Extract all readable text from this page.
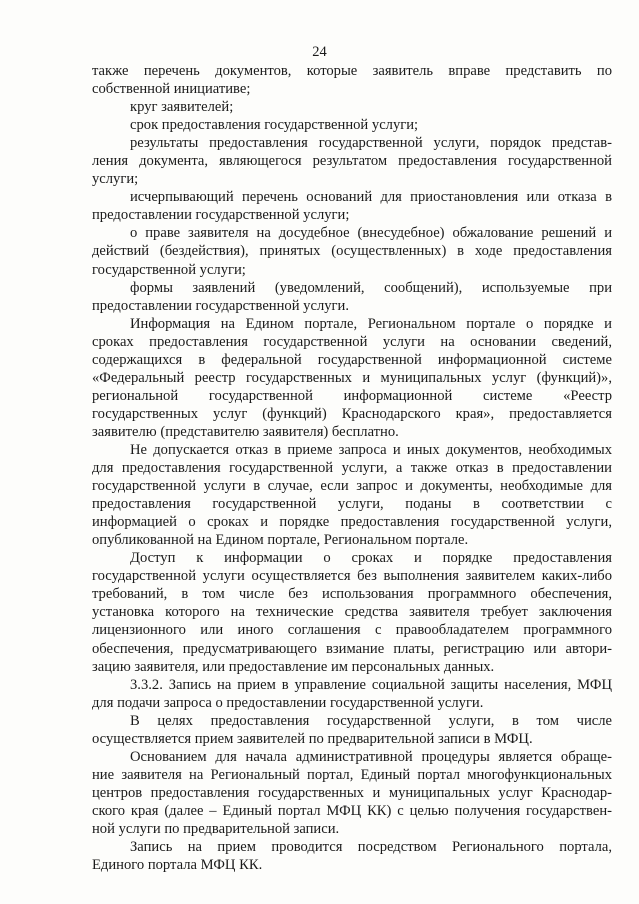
24

также перечень документов, которые заявитель вправе представить по
собственной инициативе;

круг заявителей;

срок предоставления государственной услуги;

результаты предоставления государственной услуги, порядок представ-
ления документа, являющегося результатом предоставления государственной
услуги;

исчерпывающий перечень оснований для приостановления или отказа в
предоставлении государственной услуги;

о праве заявителя на досудебное (внесудебное) обжалование решений и
действий (бездействия), принятых (осуществленных) в ходе предоставления
государственной услуги;

формы заявлений (уведомлений, сообщений), используемые при
предоставлении государственной услуги.

Информация на Едином портале, Региональном портале о порядке и
сроках предоставления государственной услуги на основании сведений,
содержащихся в федеральной государственной информационной системе
«Федеральный реестр государственных и муниципальных услуг (функций)»,
региональной государственной информационной системе «Реестр
государственных услуг (функций) Краснодарского края», предоставляется
заявителю (представителю заявителя) бесплатно.

Не допускается отказ в приеме запроса и иных документов, необходимых
для предоставления государственной услуги, а также отказ в предоставлении
государственной услуги в случае, если запрос и документы, необходимые для
предоставления государственной услуги, поданы в соответствии с
информацией о сроках и порядке предоставления государственной услуги,
опубликованной на Едином портале, Региональном портале.

Доступ к информации о сроках и порядке предоставления
государственной услуги осуществляется без выполнения заявителем каких-либо
требований, в том числе без использования программного обеспечения,
установка которого на технические средства заявителя требует заключения
лицензионного или иного соглашения с правообладателем программного
обеспечения, предусматривающего взимание платы, регистрацию или автори-
зацию заявителя, или предоставление им персональных данных.

3.3.2. Запись на прием в управление социальной защиты населения, МФЦ
для подачи запроса о предоставлении государственной услуги.

В целях предоставления государственной услуги, в том числе
осуществляется прием заявителей по предварительной записи в МФЦ.

Основанием для начала административной процедуры является обраще-
ние заявителя на Региональный портал, Единый портал многофункциональных
центров предоставления государственных и муниципальных услуг Краснодар-
ского края (далее – Единый портал МФЦ КК) с целью получения государствен-
ной услуги по предварительной записи.

Запись на прием проводится посредством Регионального портала,
Единого портала МФЦ КК.
